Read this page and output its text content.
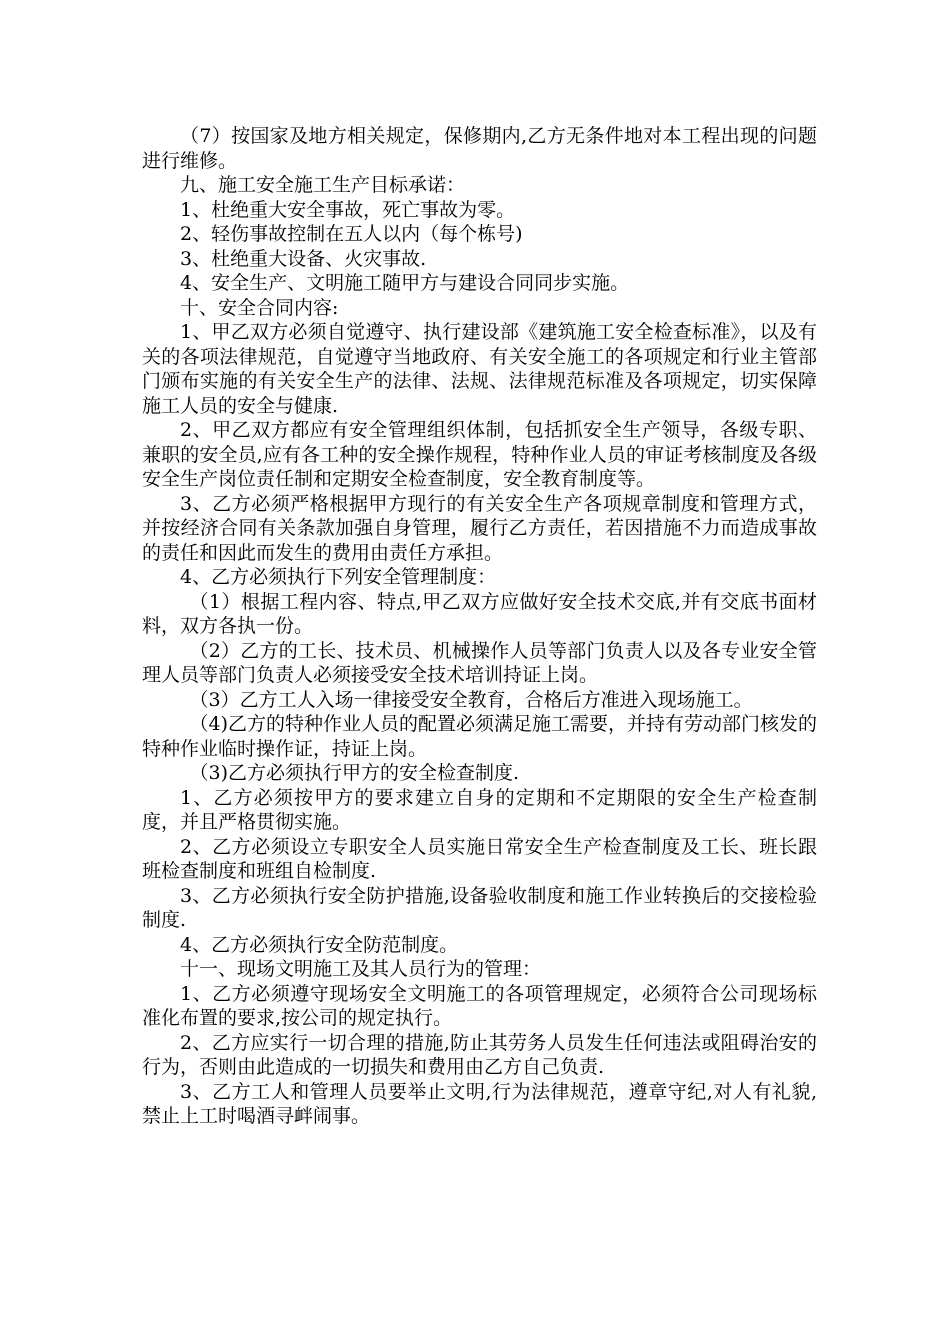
（7）按国家及地方相关规定，保修期内,乙方无条件地对本工程出现的问题进行维修。

九、施工安全施工生产目标承诺：

1、杜绝重大安全事故，死亡事故为零。

2、轻伤事故控制在五人以内（每个栋号)

3、杜绝重大设备、火灾事故.

4、安全生产、文明施工随甲方与建设合同同步实施。

十、安全合同内容:

1、甲乙双方必须自觉遵守、执行建设部《建筑施工安全检查标准》，以及有关的各项法律规范，自觉遵守当地政府、有关安全施工的各项规定和行业主管部门颁布实施的有关安全生产的法律、法规、法律规范标准及各项规定，切实保障施工人员的安全与健康.

2、甲乙双方都应有安全管理组织体制，包括抓安全生产领导，各级专职、兼职的安全员,应有各工种的安全操作规程，特种作业人员的审证考核制度及各级安全生产岗位责任制和定期安全检查制度，安全教育制度等。

3、乙方必须严格根据甲方现行的有关安全生产各项规章制度和管理方式，并按经济合同有关条款加强自身管理，履行乙方责任，若因措施不力而造成事故的责任和因此而发生的费用由责任方承担。

4、乙方必须执行下列安全管理制度：

（1）根据工程内容、特点,甲乙双方应做好安全技术交底,并有交底书面材料，双方各执一份。

（2）乙方的工长、技术员、机械操作人员等部门负责人以及各专业安全管理人员等部门负责人必须接受安全技术培训持证上岗。

（3）乙方工人入场一律接受安全教育，合格后方准进入现场施工。

（4)乙方的特种作业人员的配置必须满足施工需要，并持有劳动部门核发的特种作业临时操作证，持证上岗。

（3)乙方必须执行甲方的安全检查制度.

1、乙方必须按甲方的要求建立自身的定期和不定期限的安全生产检查制度，并且严格贯彻实施。

2、乙方必须设立专职安全人员实施日常安全生产检查制度及工长、班长跟班检查制度和班组自检制度.

3、乙方必须执行安全防护措施,设备验收制度和施工作业转换后的交接检验制度.

4、乙方必须执行安全防范制度。

十一、现场文明施工及其人员行为的管理：

1、乙方必须遵守现场安全文明施工的各项管理规定，必须符合公司现场标准化布置的要求,按公司的规定执行。

2、乙方应实行一切合理的措施,防止其劳务人员发生任何违法或阻碍治安的行为，否则由此造成的一切损失和费用由乙方自己负责.

3、乙方工人和管理人员要举止文明,行为法律规范，遵章守纪,对人有礼貌,禁止上工时喝酒寻衅闹事。
